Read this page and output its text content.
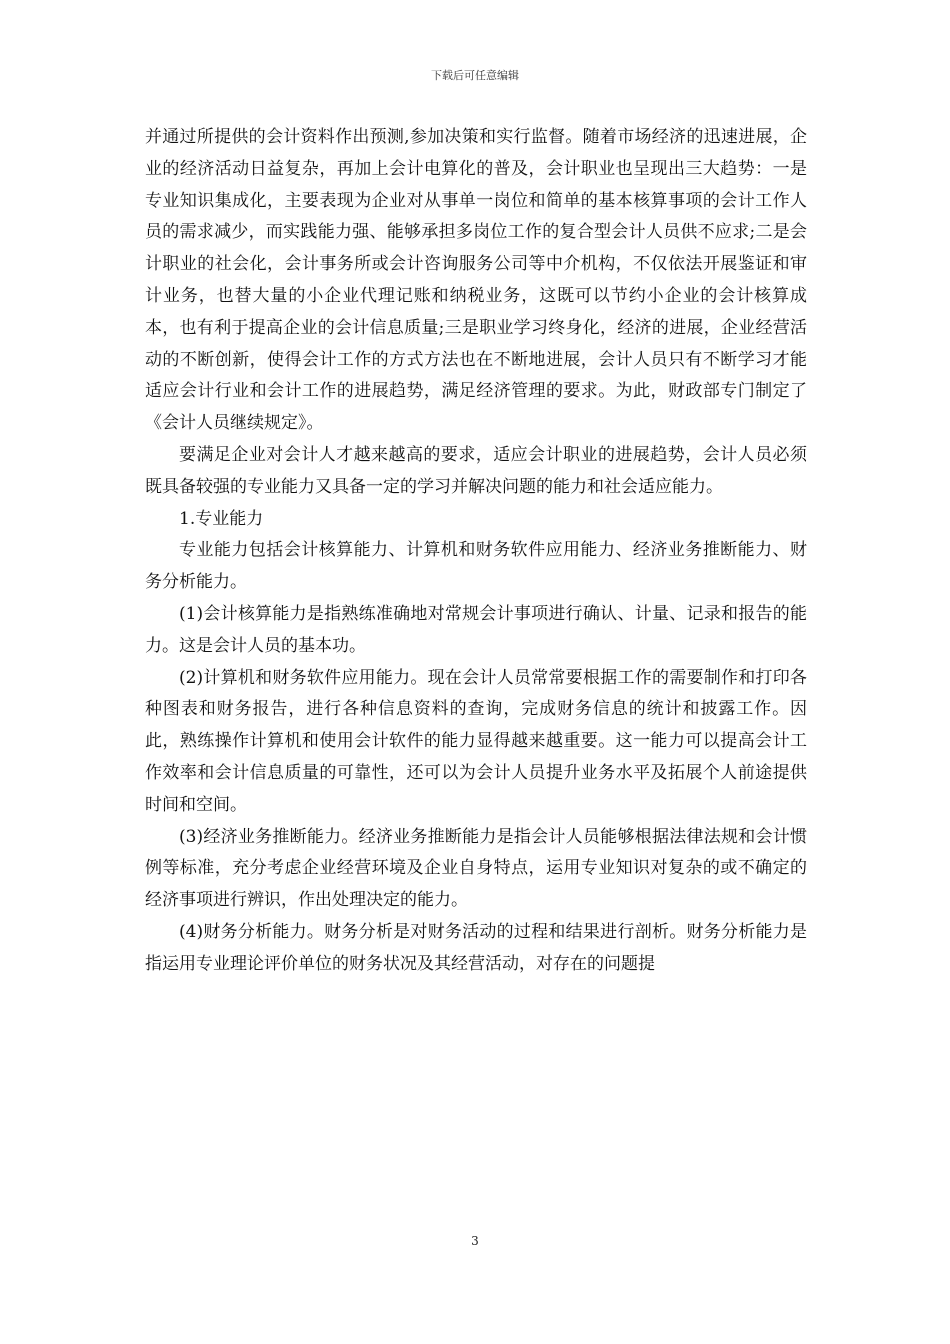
下载后可任意编辑

并通过所提供的会计资料作出预测,参加决策和实行监督。随着市场经济的迅速进展，企业的经济活动日益复杂，再加上会计电算化的普及，会计职业也呈现出三大趋势：一是专业知识集成化，主要表现为企业对从事单一岗位和简单的基本核算事项的会计工作人员的需求减少，而实践能力强、能够承担多岗位工作的复合型会计人员供不应求;二是会计职业的社会化，会计事务所或会计咨询服务公司等中介机构，不仅依法开展鉴证和审计业务，也替大量的小企业代理记账和纳税业务，这既可以节约小企业的会计核算成本，也有利于提高企业的会计信息质量;三是职业学习终身化，经济的进展，企业经营活动的不断创新，使得会计工作的方式方法也在不断地进展，会计人员只有不断学习才能适应会计行业和会计工作的进展趋势，满足经济管理的要求。为此，财政部专门制定了《会计人员继续规定》。

要满足企业对会计人才越来越高的要求，适应会计职业的进展趋势，会计人员必须既具备较强的专业能力又具备一定的学习并解决问题的能力和社会适应能力。

1.专业能力

专业能力包括会计核算能力、计算机和财务软件应用能力、经济业务推断能力、财务分析能力。

(1)会计核算能力是指熟练准确地对常规会计事项进行确认、计量、记录和报告的能力。这是会计人员的基本功。

(2)计算机和财务软件应用能力。现在会计人员常常要根据工作的需要制作和打印各种图表和财务报告，进行各种信息资料的查询，完成财务信息的统计和披露工作。因此，熟练操作计算机和使用会计软件的能力显得越来越重要。这一能力可以提高会计工作效率和会计信息质量的可靠性，还可以为会计人员提升业务水平及拓展个人前途提供时间和空间。

(3)经济业务推断能力。经济业务推断能力是指会计人员能够根据法律法规和会计惯例等标准，充分考虑企业经营环境及企业自身特点，运用专业知识对复杂的或不确定的经济事项进行辨识，作出处理决定的能力。

(4)财务分析能力。财务分析是对财务活动的过程和结果进行剖析。财务分析能力是指运用专业理论评价单位的财务状况及其经营活动，对存在的问题提

3
